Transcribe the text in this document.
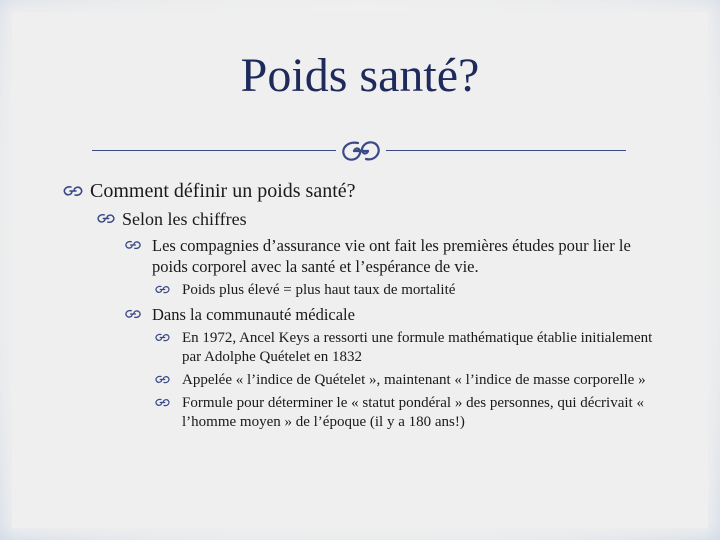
Poids santé?
Comment définir un poids santé?
Selon les chiffres
Les compagnies d’assurance vie ont fait les premières études pour lier le poids corporel avec la santé et l’espérance de vie.
Poids plus élevé = plus haut taux de mortalité
Dans la communauté médicale
En 1972, Ancel Keys a ressorti une formule mathématique établie initialement par Adolphe Quételet en 1832
Appelée « l’indice de Quételet », maintenant « l’indice de masse corporelle »
Formule pour déterminer le « statut pondéral » des personnes, qui décrivait « l’homme moyen » de l’époque (il y a 180 ans!)
